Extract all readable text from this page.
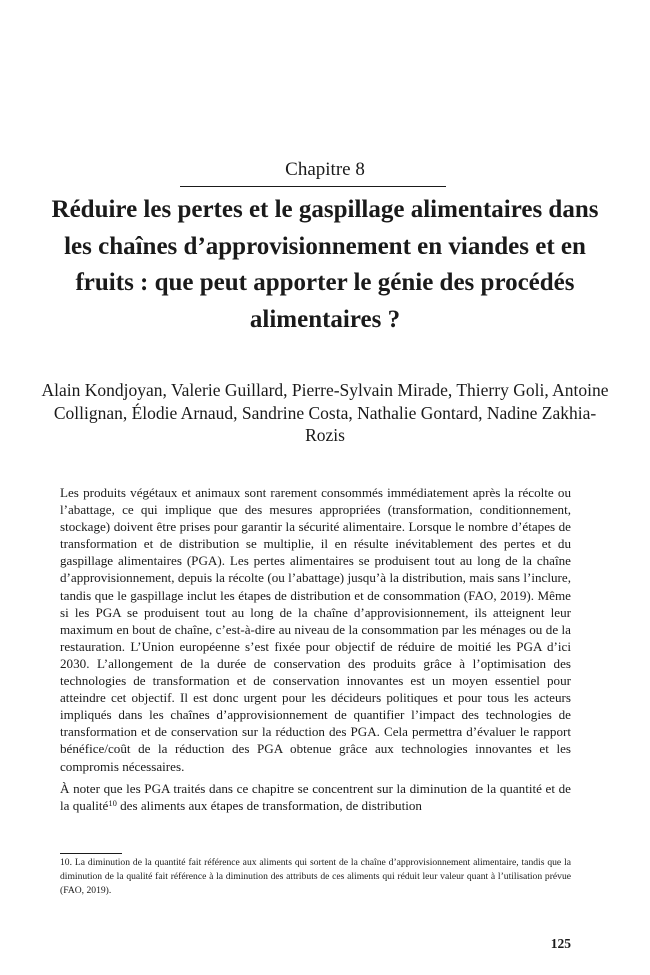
Chapitre 8
Réduire les pertes et le gaspillage alimentaires dans les chaînes d’approvisionnement en viandes et en fruits : que peut apporter le génie des procédés alimentaires ?
Alain Kondjoyan, Valerie Guillard, Pierre-Sylvain Mirade, Thierry Goli, Antoine Collignan, Élodie Arnaud, Sandrine Costa, Nathalie Gontard, Nadine Zakhia-Rozis

Les produits végétaux et animaux sont rarement consommés immédiatement après la récolte ou l’abattage, ce qui implique que des mesures appropriées (transformation, conditionnement, stockage) doivent être prises pour garantir la sécurité alimentaire. Lorsque le nombre d’étapes de transformation et de distribution se multiplie, il en résulte inévitablement des pertes et du gaspillage alimentaires (PGA). Les pertes alimentaires se produisent tout au long de la chaîne d’approvisionnement, depuis la récolte (ou l’abattage) jusqu’à la distribution, mais sans l’inclure, tandis que le gaspillage inclut les étapes de distribution et de consommation (FAO, 2019). Même si les PGA se produisent tout au long de la chaîne d’approvisionnement, ils atteignent leur maximum en bout de chaîne, c’est-à-dire au niveau de la consommation par les ménages ou de la restauration. L’Union européenne s’est fixée pour objectif de réduire de moitié les PGA d’ici 2030. L’allongement de la durée de conservation des produits grâce à l’optimisation des technologies de transformation et de conservation innovantes est un moyen essentiel pour atteindre cet objectif. Il est donc urgent pour les décideurs politiques et pour tous les acteurs impliqués dans les chaînes d’approvisionnement de quantifier l’impact des technologies de transformation et de conservation sur la réduction des PGA. Cela permettra d’évaluer le rapport bénéfice/coût de la réduction des PGA obtenue grâce aux technologies innovantes et les compromis nécessaires.

À noter que les PGA traités dans ce chapitre se concentrent sur la diminution de la quantité et de la qualité$^{10}$ des aliments aux étapes de transformation, de distribution

10. La diminution de la quantité fait référence aux aliments qui sortent de la chaîne d’approvisionnement alimentaire, tandis que la diminution de la qualité fait référence à la diminution des attributs de ces aliments qui réduit leur valeur quant à l’utilisation prévue (FAO, 2019).
125
